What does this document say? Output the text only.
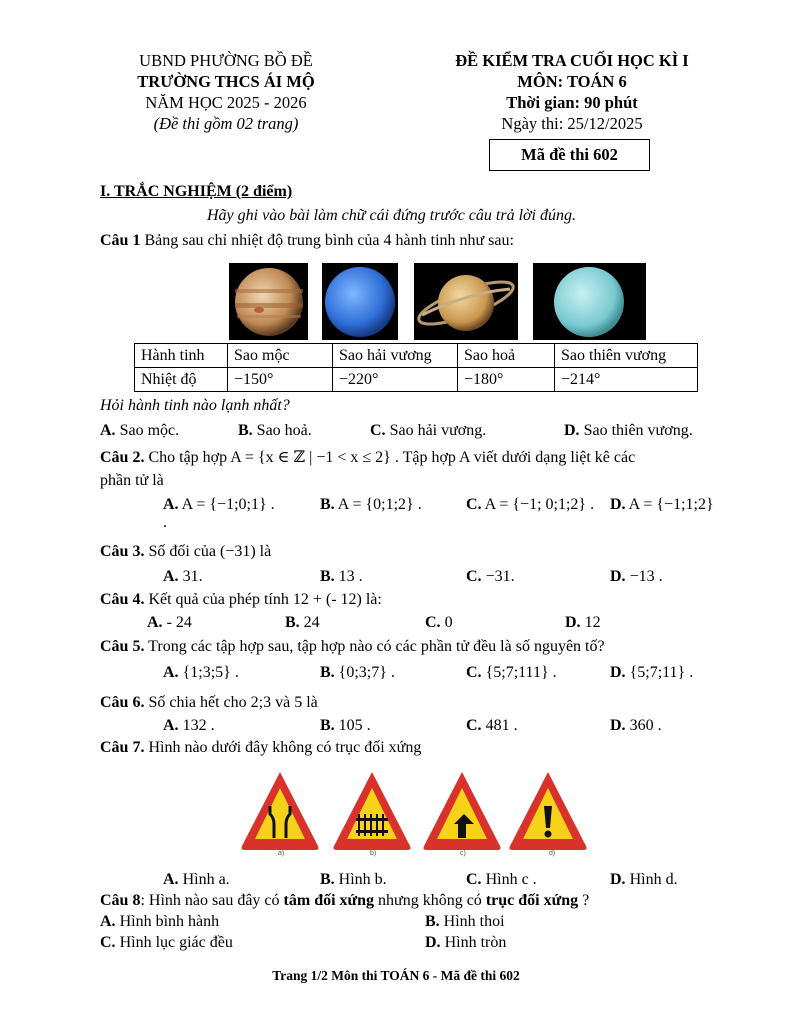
UBND PHƯỜNG BỒ ĐỀ
TRƯỜNG THCS ÁI MỘ
NĂM HỌC 2025 - 2026
(Đề thi gồm 02 trang)
ĐỀ KIỂM TRA CUỐI HỌC KÌ I
MÔN: TOÁN 6
Thời gian: 90 phút
Ngày thi: 25/12/2025
Mã đề thi 602
I. TRẮC NGHIỆM (2 điểm)
Hãy ghi vào bài làm chữ cái đứng trước câu trả lời đúng.
Câu 1 Bảng sau chỉ nhiệt độ trung bình của 4 hành tinh như sau:
Hành tinh	Sao mộc	Sao hải vương	Sao hoả	Sao thiên vương
Nhiệt độ	−150°	−220°	−180°	−214°
Hỏi hành tinh nào lạnh nhất?
A. Sao mộc.	B. Sao hoả.	C. Sao hải vương.	D. Sao thiên vương.
Câu 2. Cho tập hợp A = {x ∈ ℤ | −1 < x ≤ 2} . Tập hợp A viết dưới dạng liệt kê các
phần tử là
A. A = {−1;0;1} .	B. A = {0;1;2} .	C. A = {−1; 0;1;2} . D. A = {−1;1;2}
.
Câu 3. Số đối của (−31) là
A. 31.	B. 13 .	C. −31.	D. −13 .
Câu 4. Kết quả của phép tính 12 + (- 12) là:
A. - 24	B. 24	C. 0	D. 12
Câu 5. Trong các tập hợp sau, tập hợp nào có các phần tử đều là số nguyên tố?
A. {1;3;5} .	B. {0;3;7} .	C. {5;7;111} .	D. {5;7;11} .
Câu 6. Số chia hết cho 2;3 và 5 là
A. 132 .	B. 105 .	C. 481 .	D. 360 .
Câu 7. Hình nào dưới đây không có trục đối xứng
a)	b)	c)	d)
A. Hình a.	B. Hình b.	C. Hình c .	D. Hình d.
Câu 8: Hình nào sau đây có tâm đối xứng nhưng không có trục đối xứng ?
A. Hình bình hành	B. Hình thoi
C. Hình lục giác đều	D. Hình tròn
Trang 1/2 Môn thi TOÁN 6 - Mã đề thi 602
